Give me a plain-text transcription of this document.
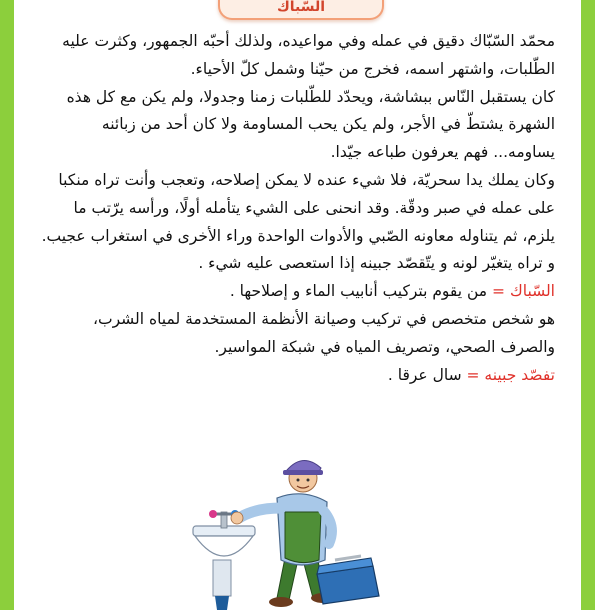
السّباك

محمّد السّبّاك دقيق في عمله وفي مواعيده، ولذلك أحبّه الجمهور، وكثرت عليه الطّلبات، واشتهر اسمه، فخرج من حيّنا وشمل كلّ الأحياء.

كان يستقبل النّاس ببشاشة، ويحدّد للطّلبات زمنا وجدولا، ولم يكن مع كل هذه الشهرة يشتطّ في الأجر، ولم يكن يحب المساومة ولا كان أحد من زبائنه يساومه... فهم يعرفون طباعه جيّدا.

وكان يملك يدا سحريّة، فلا شيء عنده لا يمكن إصلاحه، وتعجب وأنت تراه منكبا على عمله في صبر ودقّة. وقد انحنى على الشيء يتأمله أولًا، ورأسه يرّتب ما يلزم، ثم يتناوله معاونه الصّبي والأدوات الواحدة وراء الأخرى في استغراب عجيب. و تراه يتغيّر لونه و يتّقصّد جبينه إذا استعصى عليه شيء .

السّباك = من يقوم بتركيب أنابيب الماء و إصلاحها .

هو شخص متخصص في تركيب وصيانة الأنظمة المستخدمة لمياه الشرب، والصرف الصحي، وتصريف المياه في شبكة المواسير.

تفصّد جبينه = سال عرقا .
